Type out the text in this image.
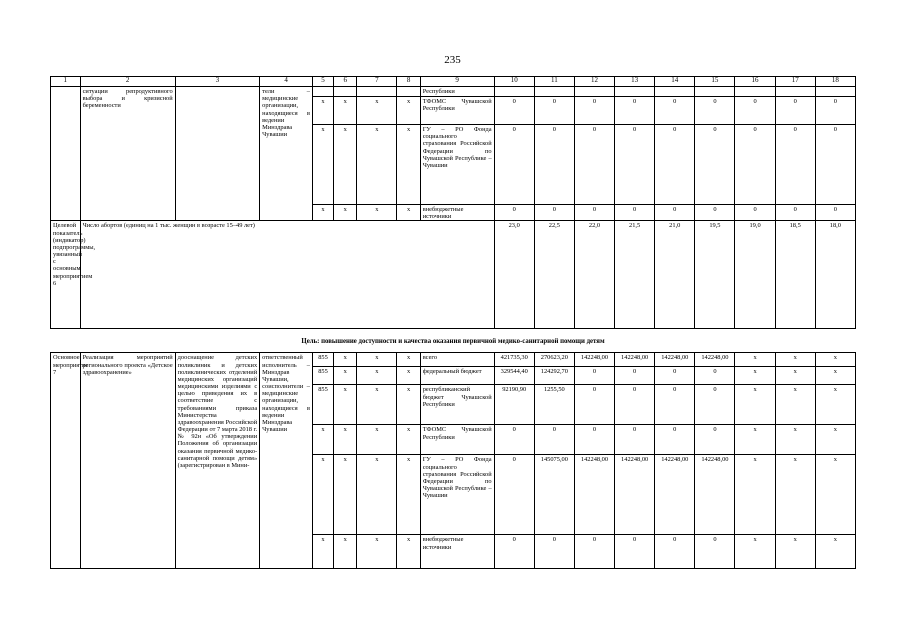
235
1	2	3	4	5	6	7	8	9	10	11	12	13	14	15	16	17	18
	ситуации репродуктивного выбора и кризисной беременности		тели – медицинские организации, находящиеся в ведении Минздрава Чувашии					Республики									
				x	x	x	x	ТФОМС Чувашской Республики	0	0	0	0	0	0	0	0	0
				x	x	x	x	ГУ – РО Фонда социального страхования Российской Федерации по Чувашской Республике – Чувашии	0	0	0	0	0	0	0	0	0
				x	x	x	x	внебюджетные источники	0	0	0	0	0	0	0	0	0
Целевой показатель (индикатор) подпрограммы, увязанный с основным мероприятием 6	Число абортов (единиц на 1 тыс. женщин в возрасте 15–49 лет)								23,0	22,5	22,0	21,5	21,0	19,5	19,0	18,5	18,0
Цель: повышение доступности и качества оказания первичной медико-санитарной помощи детям																	
Основное мероприятие 7	Реализация мероприятий регионального проекта «Детское здравоохранение»	дооснащение детских поликлиник и детских поликлинических отделений медицинских организаций медицинскими изделиями с целью приведения их в соответствие с требованиями приказа Министерства здравоохранения Российской Федерации от 7 марта 2018 г. № 92н «Об утверждении Положения об организации оказания первичной медико-санитарной помощи детям» (зарегистрирован в Мини-	ответственный исполнитель – Минздрав Чувашии, соисполнители – медицинские организации, находящиеся в ведении Минздрава Чувашии	855	x	x	x	всего	421735,30	270623,20	142248,00	142248,00	142248,00	142248,00	x	x	x
				855	x	x	x	федеральный бюджет	329544,40	124292,70	0	0	0	0	x	x	x
				855	x	x	x	республиканский бюджет Чувашской Республики	92190,90	1255,50	0	0	0	0	x	x	x
				x	x	x	x	ТФОМС Чувашской Республики	0	0	0	0	0	0	x	x	x
				x	x	x	x	ГУ – РО Фонда социального страхования Российской Федерации по Чувашской Республике – Чувашии	0	145075,00	142248,00	142248,00	142248,00	142248,00	x	x	x
				x	x	x	x	внебюджетные источники	0	0	0	0	0	0	x	x	x
